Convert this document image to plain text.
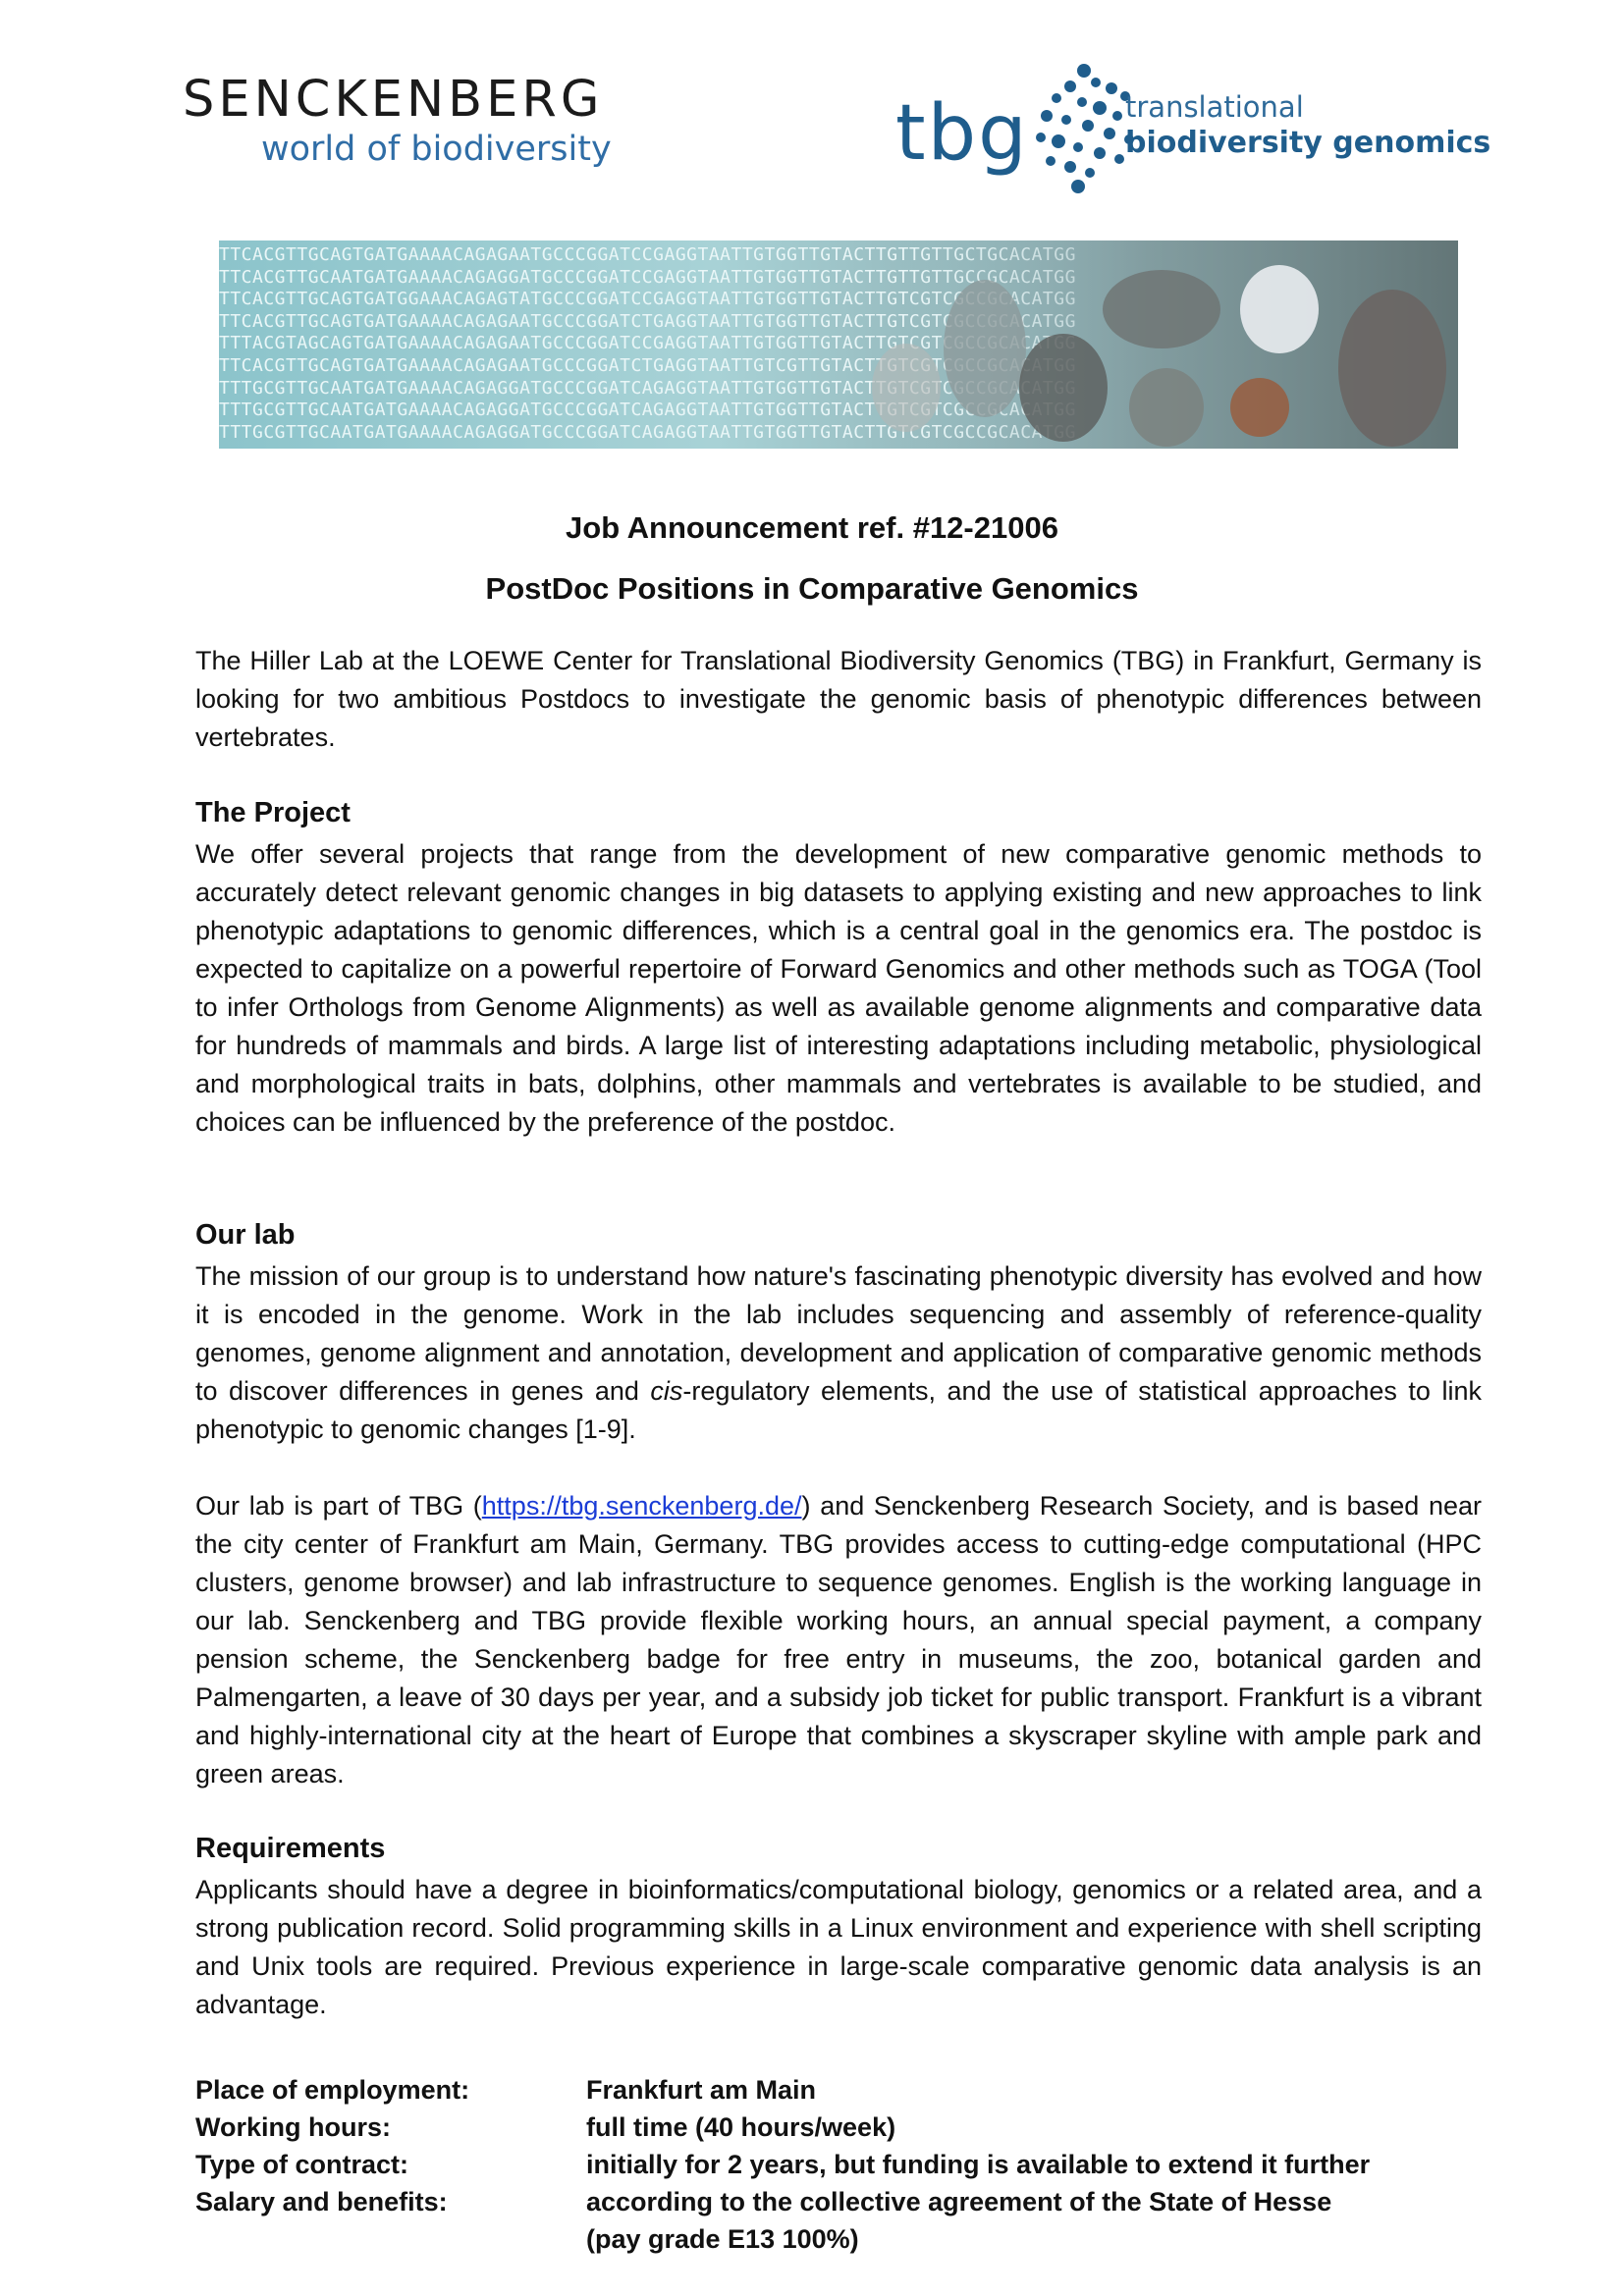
SENCKENBERG
world of biodiversity	tbg	translational
biodiversity genomics
Job Announcement ref. #12-21006
PostDoc Positions in Comparative Genomics
The Hiller Lab at the LOEWE Center for Translational Biodiversity Genomics (TBG) in Frankfurt, Germany is looking for two ambitious Postdocs to investigate the genomic basis of phenotypic differences between vertebrates.
The Project
We offer several projects that range from the development of new comparative genomic methods to accurately detect relevant genomic changes in big datasets to applying existing and new approaches to link phenotypic adaptations to genomic differences, which is a central goal in the genomics era. The postdoc is expected to capitalize on a powerful repertoire of Forward Genomics and other methods such as TOGA (Tool to infer Orthologs from Genome Alignments) as well as available genome alignments and comparative data for hundreds of mammals and birds. A large list of interesting adaptations including metabolic, physiological and morphological traits in bats, dolphins, other mammals and vertebrates is available to be studied, and choices can be influenced by the preference of the postdoc.
Our lab
The mission of our group is to understand how nature's fascinating phenotypic diversity has evolved and how it is encoded in the genome. Work in the lab includes sequencing and assembly of reference-quality genomes, genome alignment and annotation, development and application of comparative genomic methods to discover differences in genes and cis-regulatory elements, and the use of statistical approaches to link phenotypic to genomic changes [1-9].
Our lab is part of TBG (https://tbg.senckenberg.de/) and Senckenberg Research Society, and is based near the city center of Frankfurt am Main, Germany. TBG provides access to cutting-edge computational (HPC clusters, genome browser) and lab infrastructure to sequence genomes. English is the working language in our lab. Senckenberg and TBG provide flexible working hours, an annual special payment, a company pension scheme, the Senckenberg badge for free entry in museums, the zoo, botanical garden and Palmengarten, a leave of 30 days per year, and a subsidy job ticket for public transport. Frankfurt is a vibrant and highly-international city at the heart of Europe that combines a skyscraper skyline with ample park and green areas.
Requirements
Applicants should have a degree in bioinformatics/computational biology, genomics or a related area, and a strong publication record. Solid programming skills in a Linux environment and experience with shell scripting and Unix tools are required. Previous experience in large-scale comparative genomic data analysis is an advantage.
Place of employment:	Frankfurt am Main
Working hours:	full time (40 hours/week)
Type of contract:	initially for 2 years, but funding is available to extend it further
Salary and benefits:	according to the collective agreement of the State of Hesse
(pay grade E13 100%)
